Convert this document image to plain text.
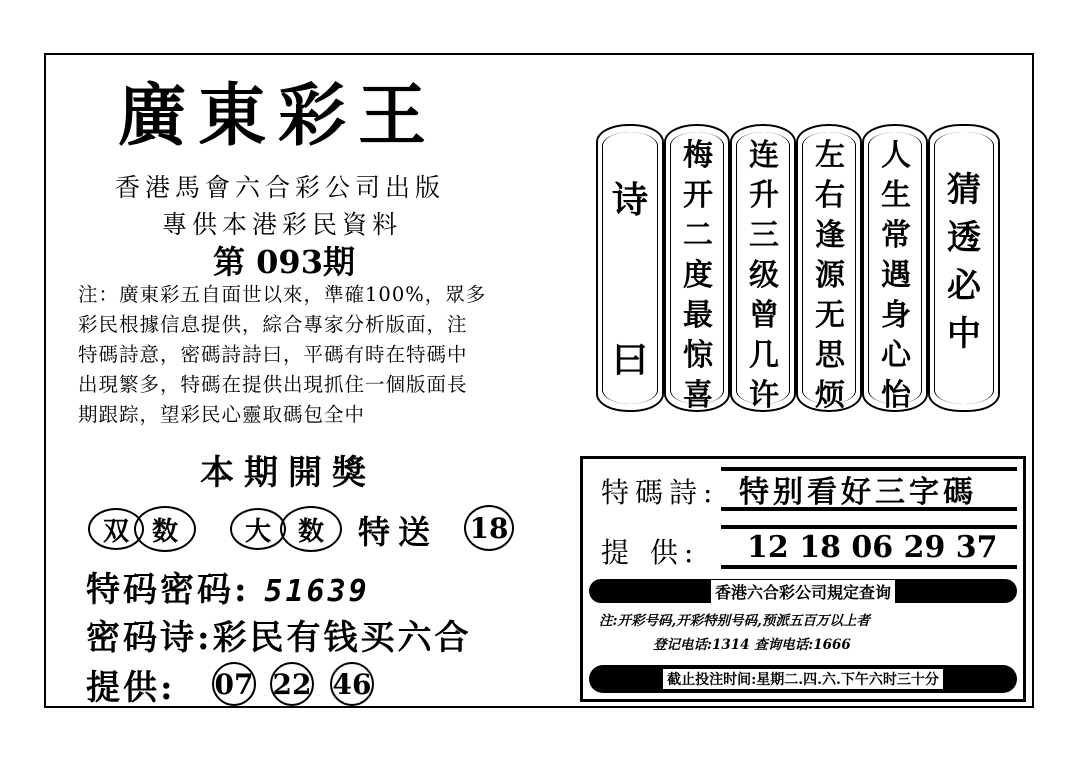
廣東彩王
香港馬會六合彩公司出版
專供本港彩民資料
第 093期

注：廣東彩五自面世以來，準確100%，眾多

彩民根據信息提供，綜合專家分析版面，注

特碼詩意，密碼詩詩曰，平碼有時在特碼中

出現繁多，特碼在提供出現抓住一個版面長

期跟踪，望彩民心靈取碼包全中

本期開獎
双 数	大	数	特送 18
特码密码: 51639
密码诗:彩民有钱买六合
提供: 07 22 46
诗
曰
梅开二度最惊喜
连升三级曾几许
左右逢源无思烦
人生常遇身心怡
猜透必中
特碼詩: 特别看好三字碼
提 供:	12 18 06 29 37
香港六合彩公司規定查询
注:开彩号码,开彩特别号码,预派五百万以上者
登记电话:1314 查询电话:1666
截止投注时间:星期二.四.六.下午六时三十分
